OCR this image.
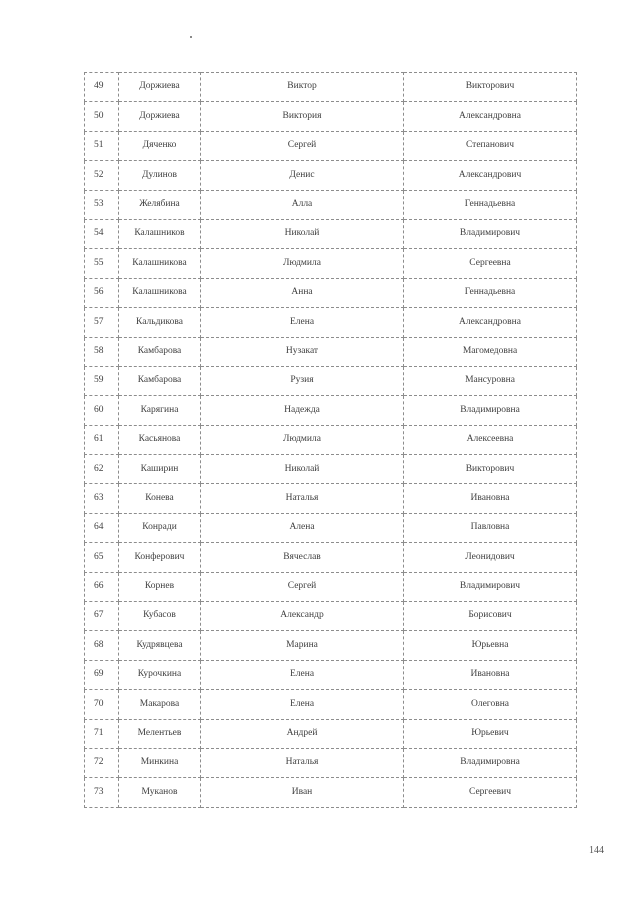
49	Доржиева	Виктор	Викторович
50	Доржиева	Виктория	Александровна
51	Дяченко	Сергей	Степанович
52	Дулинов	Денис	Александрович
53	Желябина	Алла	Геннадьевна
54	Калашников	Николай	Владимирович
55	Калашникова	Людмила	Сергеевна
56	Калашникова	Анна	Геннадьевна
57	Кальдикова	Елена	Александровна
58	Камбарова	Нузакат	Магомедовна
59	Камбарова	Рузия	Мансуровна
60	Карягина	Надежда	Владимировна
61	Касьянова	Людмила	Алексеевна
62	Каширин	Николай	Викторович
63	Конева	Наталья	Ивановна
64	Конради	Алена	Павловна
65	Конферович	Вячеслав	Леонидович
66	Корнев	Сергей	Владимирович
67	Кубасов	Александр	Борисович
68	Кудрявцева	Марина	Юрьевна
69	Курочкина	Елена	Ивановна
70	Макарова	Елена	Олеговна
71	Мелентьев	Андрей	Юрьевич
72	Минкина	Наталья	Владимировна
73	Муканов	Иван	Сергеевич
144
